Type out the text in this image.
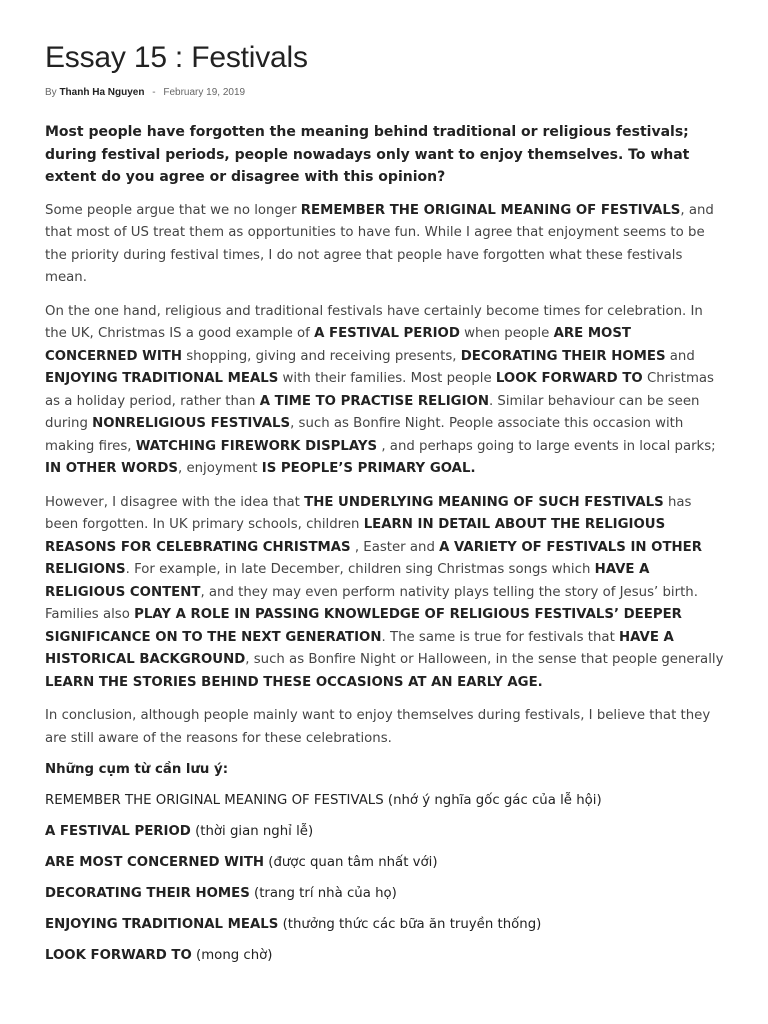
Essay 15 : Festivals
By Thanh Ha Nguyen - February 19, 2019
Most people have forgotten the meaning behind traditional or religious festivals; during festival periods, people nowadays only want to enjoy themselves. To what extent do you agree or disagree with this opinion?

Some people argue that we no longer REMEMBER THE ORIGINAL MEANING OF FESTIVALS, and that most of US treat them as opportunities to have fun. While I agree that enjoyment seems to be the priority during festival times, I do not agree that people have forgotten what these festivals mean.

On the one hand, religious and traditional festivals have certainly become times for celebration. In the UK, Christmas IS a good example of A FESTIVAL PERIOD when people ARE MOST CONCERNED WITH shopping, giving and receiving presents, DECORATING THEIR HOMES and ENJOYING TRADITIONAL MEALS with their families. Most people LOOK FORWARD TO Christmas as a holiday period, rather than A TIME TO PRACTISE RELIGION. Similar behaviour can be seen during NONRELIGIOUS FESTIVALS, such as Bonfire Night. People associate this occasion with making fires, WATCHING FIREWORK DISPLAYS , and perhaps going to large events in local parks; IN OTHER WORDS, enjoyment IS PEOPLE’S PRIMARY GOAL.

However, I disagree with the idea that THE UNDERLYING MEANING OF SUCH FESTIVALS has been forgotten. In UK primary schools, children LEARN IN DETAIL ABOUT THE RELIGIOUS REASONS FOR CELEBRATING CHRISTMAS , Easter and A VARIETY OF FESTIVALS IN OTHER RELIGIONS. For example, in late December, children sing Christmas songs which HAVE A RELIGIOUS CONTENT, and they may even perform nativity plays telling the story of Jesus’ birth. Families also PLAY A ROLE IN PASSING KNOWLEDGE OF RELIGIOUS FESTIVALS’ DEEPER SIGNIFICANCE ON TO THE NEXT GENERATION. The same is true for festivals that HAVE A HISTORICAL BACKGROUND, such as Bonfire Night or Halloween, in the sense that people generally LEARN THE STORIES BEHIND THESE OCCASIONS AT AN EARLY AGE.

In conclusion, although people mainly want to enjoy themselves during festivals, I believe that they are still aware of the reasons for these celebrations.

Những cụm từ cần lưu ý:
REMEMBER THE ORIGINAL MEANING OF FESTIVALS (nhớ ý nghĩa gốc gác của lễ hội)
A FESTIVAL PERIOD (thời gian nghỉ lễ)
ARE MOST CONCERNED WITH (được quan tâm nhất với)
DECORATING THEIR HOMES (trang trí nhà của họ)
ENJOYING TRADITIONAL MEALS (thưởng thức các bữa ăn truyền thống)
LOOK FORWARD TO (mong chờ)
